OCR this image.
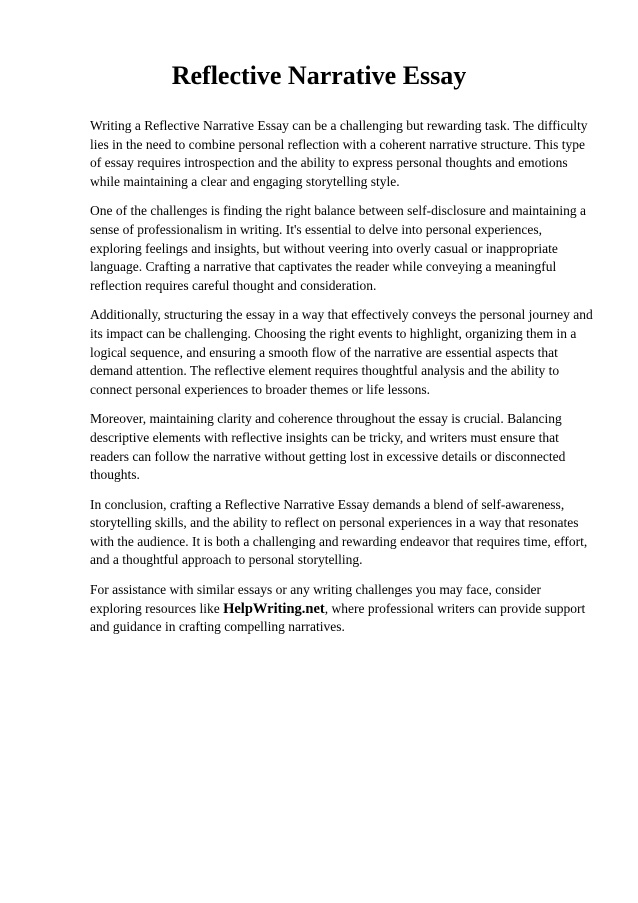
Reflective Narrative Essay

Writing a Reflective Narrative Essay can be a challenging but rewarding task. The difficulty lies in the need to combine personal reflection with a coherent narrative structure. This type of essay requires introspection and the ability to express personal thoughts and emotions while maintaining a clear and engaging storytelling style.

One of the challenges is finding the right balance between self-disclosure and maintaining a sense of professionalism in writing. It's essential to delve into personal experiences, exploring feelings and insights, but without veering into overly casual or inappropriate language. Crafting a narrative that captivates the reader while conveying a meaningful reflection requires careful thought and consideration.

Additionally, structuring the essay in a way that effectively conveys the personal journey and its impact can be challenging. Choosing the right events to highlight, organizing them in a logical sequence, and ensuring a smooth flow of the narrative are essential aspects that demand attention. The reflective element requires thoughtful analysis and the ability to connect personal experiences to broader themes or life lessons.

Moreover, maintaining clarity and coherence throughout the essay is crucial. Balancing descriptive elements with reflective insights can be tricky, and writers must ensure that readers can follow the narrative without getting lost in excessive details or disconnected thoughts.

In conclusion, crafting a Reflective Narrative Essay demands a blend of self-awareness, storytelling skills, and the ability to reflect on personal experiences in a way that resonates with the audience. It is both a challenging and rewarding endeavor that requires time, effort, and a thoughtful approach to personal storytelling.

For assistance with similar essays or any writing challenges you may face, consider exploring resources like HelpWriting.net, where professional writers can provide support and guidance in crafting compelling narratives.
